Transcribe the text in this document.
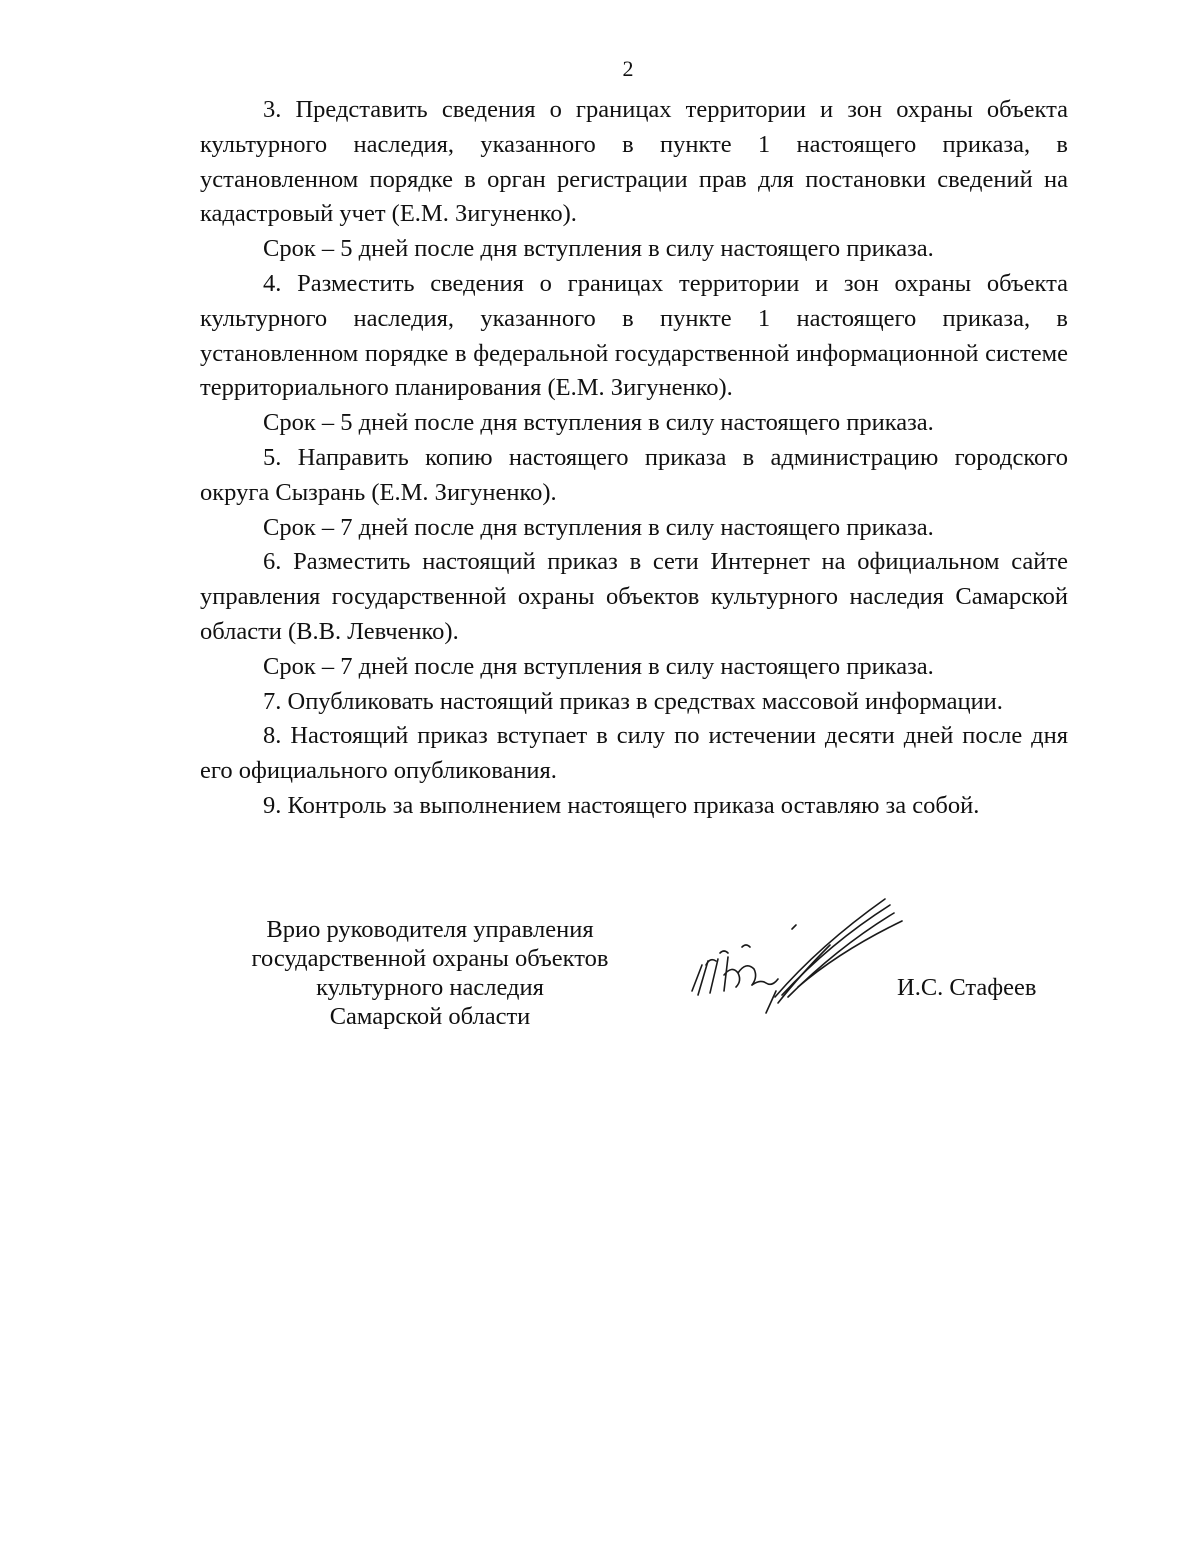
2

3. Представить сведения о границах территории и зон охраны объекта культурного наследия, указанного в пункте 1 настоящего приказа, в установленном порядке в орган регистрации прав для постановки сведений на кадастровый учет (Е.М. Зигуненко).

Срок – 5 дней после дня вступления в силу настоящего приказа.

4. Разместить сведения о границах территории и зон охраны объекта культурного наследия, указанного в пункте 1 настоящего приказа, в установленном порядке в федеральной государственной информационной системе территориального планирования (Е.М. Зигуненко).

Срок – 5 дней после дня вступления в силу настоящего приказа.

5. Направить копию настоящего приказа в администрацию городского округа Сызрань (Е.М. Зигуненко).

Срок – 7 дней после дня вступления в силу настоящего приказа.

6. Разместить настоящий приказ в сети Интернет на официальном сайте управления государственной охраны объектов культурного наследия Самарской области (В.В. Левченко).

Срок – 7 дней после дня вступления в силу настоящего приказа.

7. Опубликовать настоящий приказ в средствах массовой информации.

8. Настоящий приказ вступает в силу по истечении десяти дней после дня его официального опубликования.

9. Контроль за выполнением настоящего приказа оставляю за собой.

Врио руководителя управления
государственной охраны объектов
культурного наследия
Самарской области
И.С. Стафеев
